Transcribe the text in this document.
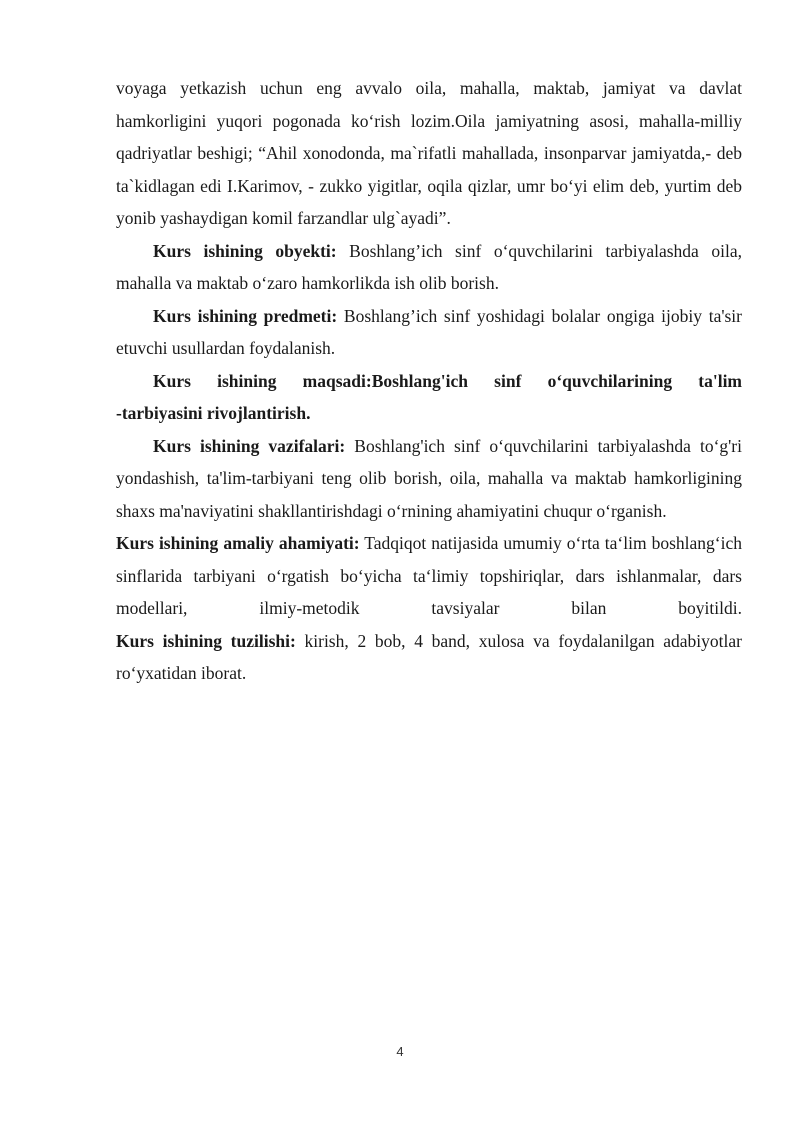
voyaga yetkazish uchun eng avvalo oila, mahalla, maktab, jamiyat va davlat hamkorligini yuqori pogonada ko‘rish lozim.Oila jamiyatning asosi, mahalla-milliy qadriyatlar beshigi; “Ahil xonodonda, ma`rifatli mahallada, insonparvar jamiyatda,- deb ta`kidlagan edi I.Karimov, - zukko yigitlar, oqila qizlar, umr bo‘yi elim deb, yurtim deb yonib yashaydigan komil farzandlar ulg`ayadi”.

Kurs ishining obyekti: Boshlang’ich sinf o‘quvchilarini tarbiyalashda oila, mahalla va maktab o‘zaro hamkorlikda ish olib borish.

Kurs ishining predmeti: Boshlang’ich sinf yoshidagi bolalar ongiga ijobiy ta'sir etuvchi usullardan foydalanish.

Kurs ishining maqsadi:Boshlang'ich sinf o‘quvchilarining ta'lim

-tarbiyasini rivojlantirish.

Kurs ishining vazifalari: Boshlang'ich sinf o‘quvchilarini tarbiyalashda to‘g'ri yondashish, ta'lim-tarbiyani teng olib borish, oila, mahalla va maktab hamkorligining shaxs ma'naviyatini shakllantirishdagi o‘rnining ahamiyatini chuqur o‘rganish.

Kurs ishining amaliy ahamiyati: Tadqiqot natijasida umumiy o‘rta ta‘lim boshlang‘ich sinflarida tarbiyani o‘rgatish bo‘yicha ta‘limiy topshiriqlar, dars ishlanmalar, dars modellari, ilmiy-metodik tavsiyalar bilan boyitildi.

Kurs ishining tuzilishi: kirish, 2 bob, 4 band, xulosa va foydalanilgan adabiyotlar ro‘yxatidan iborat.

4
